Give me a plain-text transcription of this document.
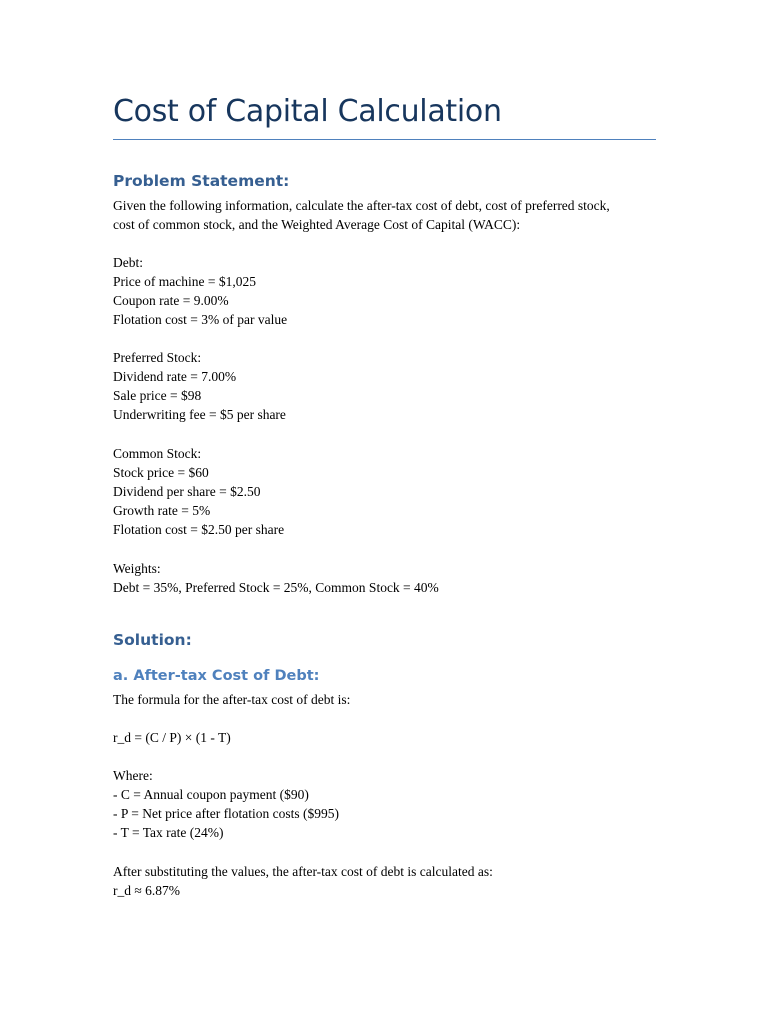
Cost of Capital Calculation
Problem Statement:

Given the following information, calculate the after-tax cost of debt, cost of preferred stock,

cost of common stock, and the Weighted Average Cost of Capital (WACC):

Debt:

Price of machine = $1,025

Coupon rate = 9.00%

Flotation cost = 3% of par value

Preferred Stock:

Dividend rate = 7.00%

Sale price = $98

Underwriting fee = $5 per share

Common Stock:

Stock price = $60

Dividend per share = $2.50

Growth rate = 5%

Flotation cost = $2.50 per share

Weights:

Debt = 35%, Preferred Stock = 25%, Common Stock = 40%

Solution:
a. After-tax Cost of Debt:

The formula for the after-tax cost of debt is:

r_d = (C / P) × (1 - T)

Where:

- C = Annual coupon payment ($90)

- P = Net price after flotation costs ($995)

- T = Tax rate (24%)

After substituting the values, the after-tax cost of debt is calculated as:

r_d ≈ 6.87%
